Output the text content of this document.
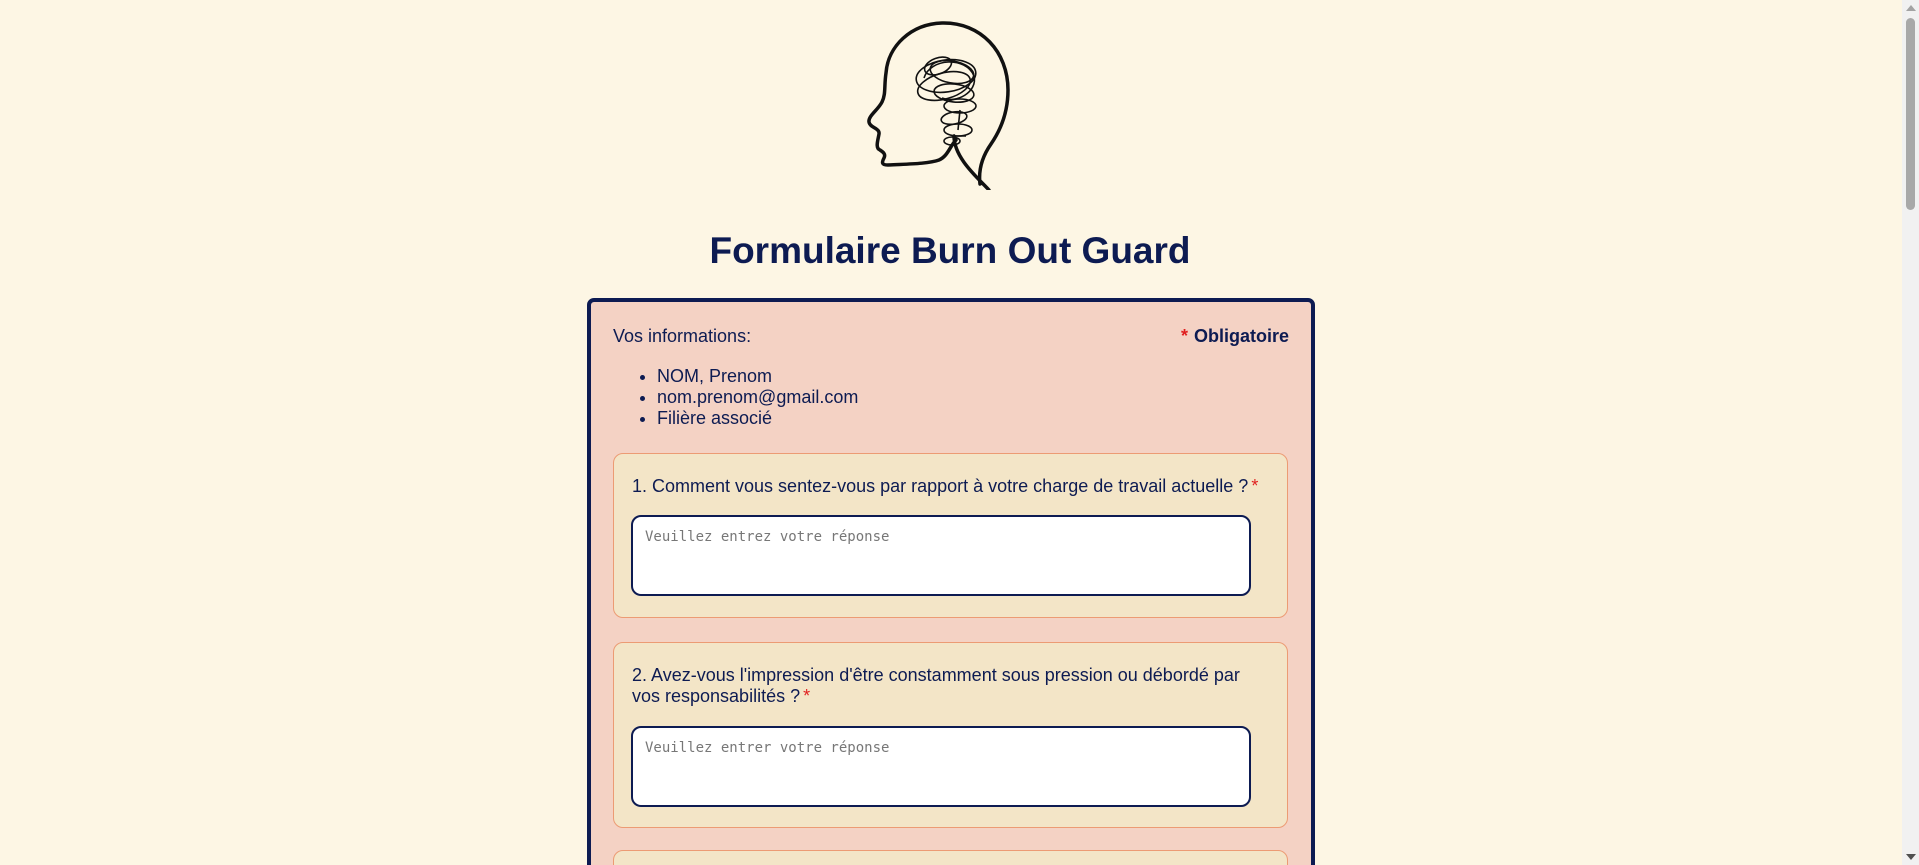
Formulaire Burn Out Guard
Vos informations:	* Obligatoire
• NOM, Prenom
• nom.prenom@gmail.com
• Filière associé
1. Comment vous sentez-vous par rapport à votre charge de travail actuelle ? *
Veuillez entrez votre réponse
2. Avez-vous l'impression d'être constamment sous pression ou débordé par vos responsabilités ? *
Veuillez entrer votre réponse
